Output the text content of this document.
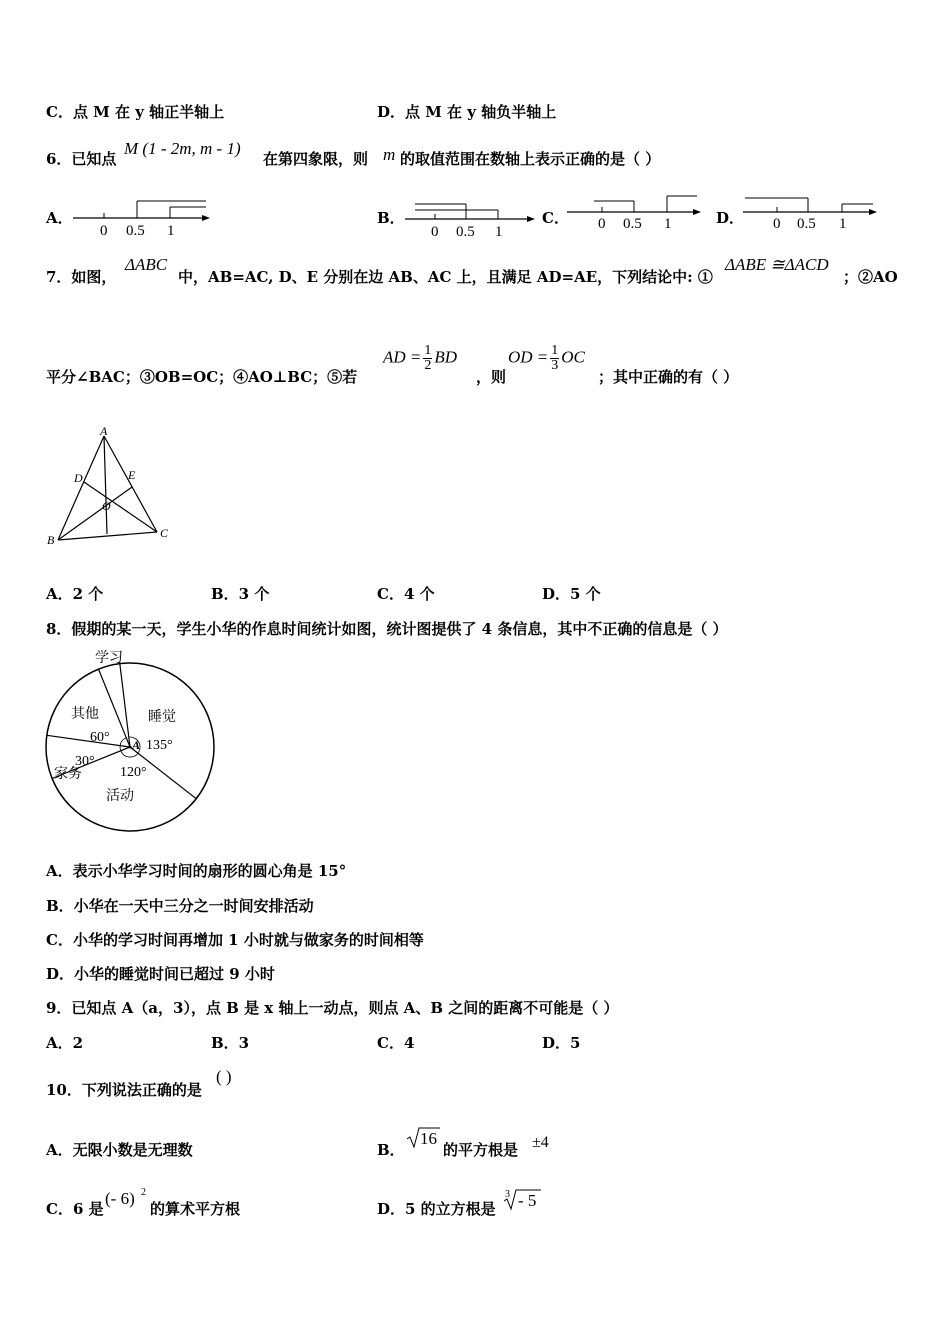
C．点 M 在 y 轴正半轴上	D．点 M 在 y 轴负半轴上
6．已知点
M (1 - 2m, m - 1)
在第四象限，则 m 的取值范围在数轴上表示正确的是（ ）
A．	B．	C．	D．
0 0.5 1	0 0.5 1	0 0.5 1	0 0.5 1
7．如图，
ΔABC
中，AB=AC, D、E 分别在边 AB、AC 上，且满足 AD=AE，下列结论中: ①
ΔABE ≅ΔACD
；②AO
平分∠BAC；③OB=OC；④AO⊥BC；⑤若
AD = $\frac{1}{2}$ BD
，则
OD = $\frac{1}{3}$ OC
；其中正确的有（ ）
A
D	E
O
B	C
A．2 个	B．3 个	C．4 个	D．5 个
8．假期的某一天，学生小华的作息时间统计如图，统计图提供了 4 条信息，其中不正确的信息是（ ）
学习
睡觉
135°
活动
120°
家务
30°
其他
60° A
A．表示小华学习时间的扇形的圆心角是 15°
B．小华在一天中三分之一时间安排活动
C．小华的学习时间再增加 1 小时就与做家务的时间相等
D．小华的睡觉时间已超过 9 小时
9．已知点 A（a，3），点 B 是 x 轴上一动点，则点 A、B 之间的距离不可能是（ ）
A．2	B．3	C．4	D．5
10．下列说法正确的是
( )
A．无限小数是无理数	B．
16
的平方根是 ±4
C．6 是
(- 6) 2
的算术平方根	D．5 的立方根是
3 - 5
